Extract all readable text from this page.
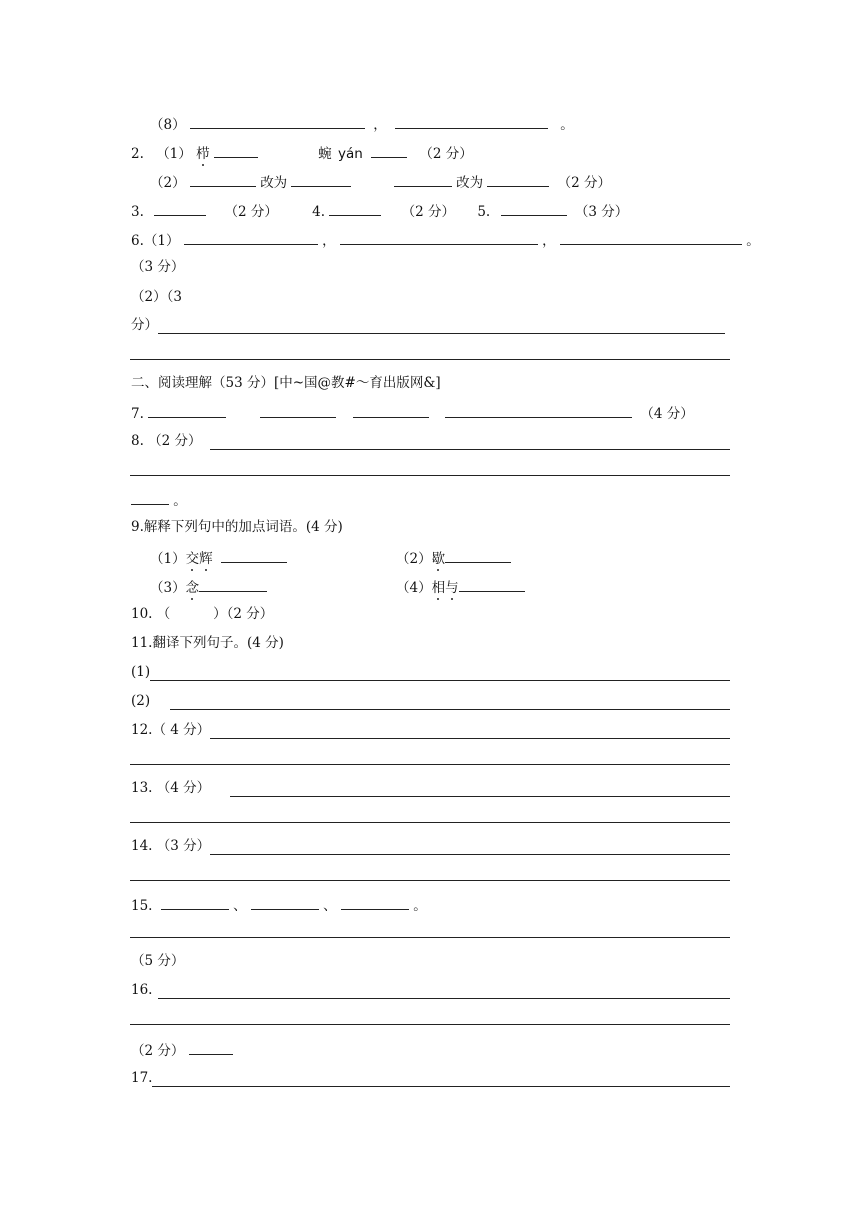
（8）	，	。
2. （1） 栉	蜿 yán	（2 分）
（2）	改为	改为	（2 分）
3.	（2 分）	4.	（2 分） 5.	（3 分）
6.（1）	，	，	。
（3 分）
（2）（3
分）
二、阅读理解（53 分）[中~国@教#～育出版网&]
7.	（4 分）
8. （2 分）
。
9.解释下列句中的加点词语。(4 分)
（1）交辉	（2）歇
（3）念	（4）相与
10. （          ）（2 分）
11.翻译下列句子。(4 分)
(1)
(2)
12.（ 4 分）
13. （4 分）
14. （3 分）
15.	、	、	。
（5 分）
16.
（2 分）
17.
